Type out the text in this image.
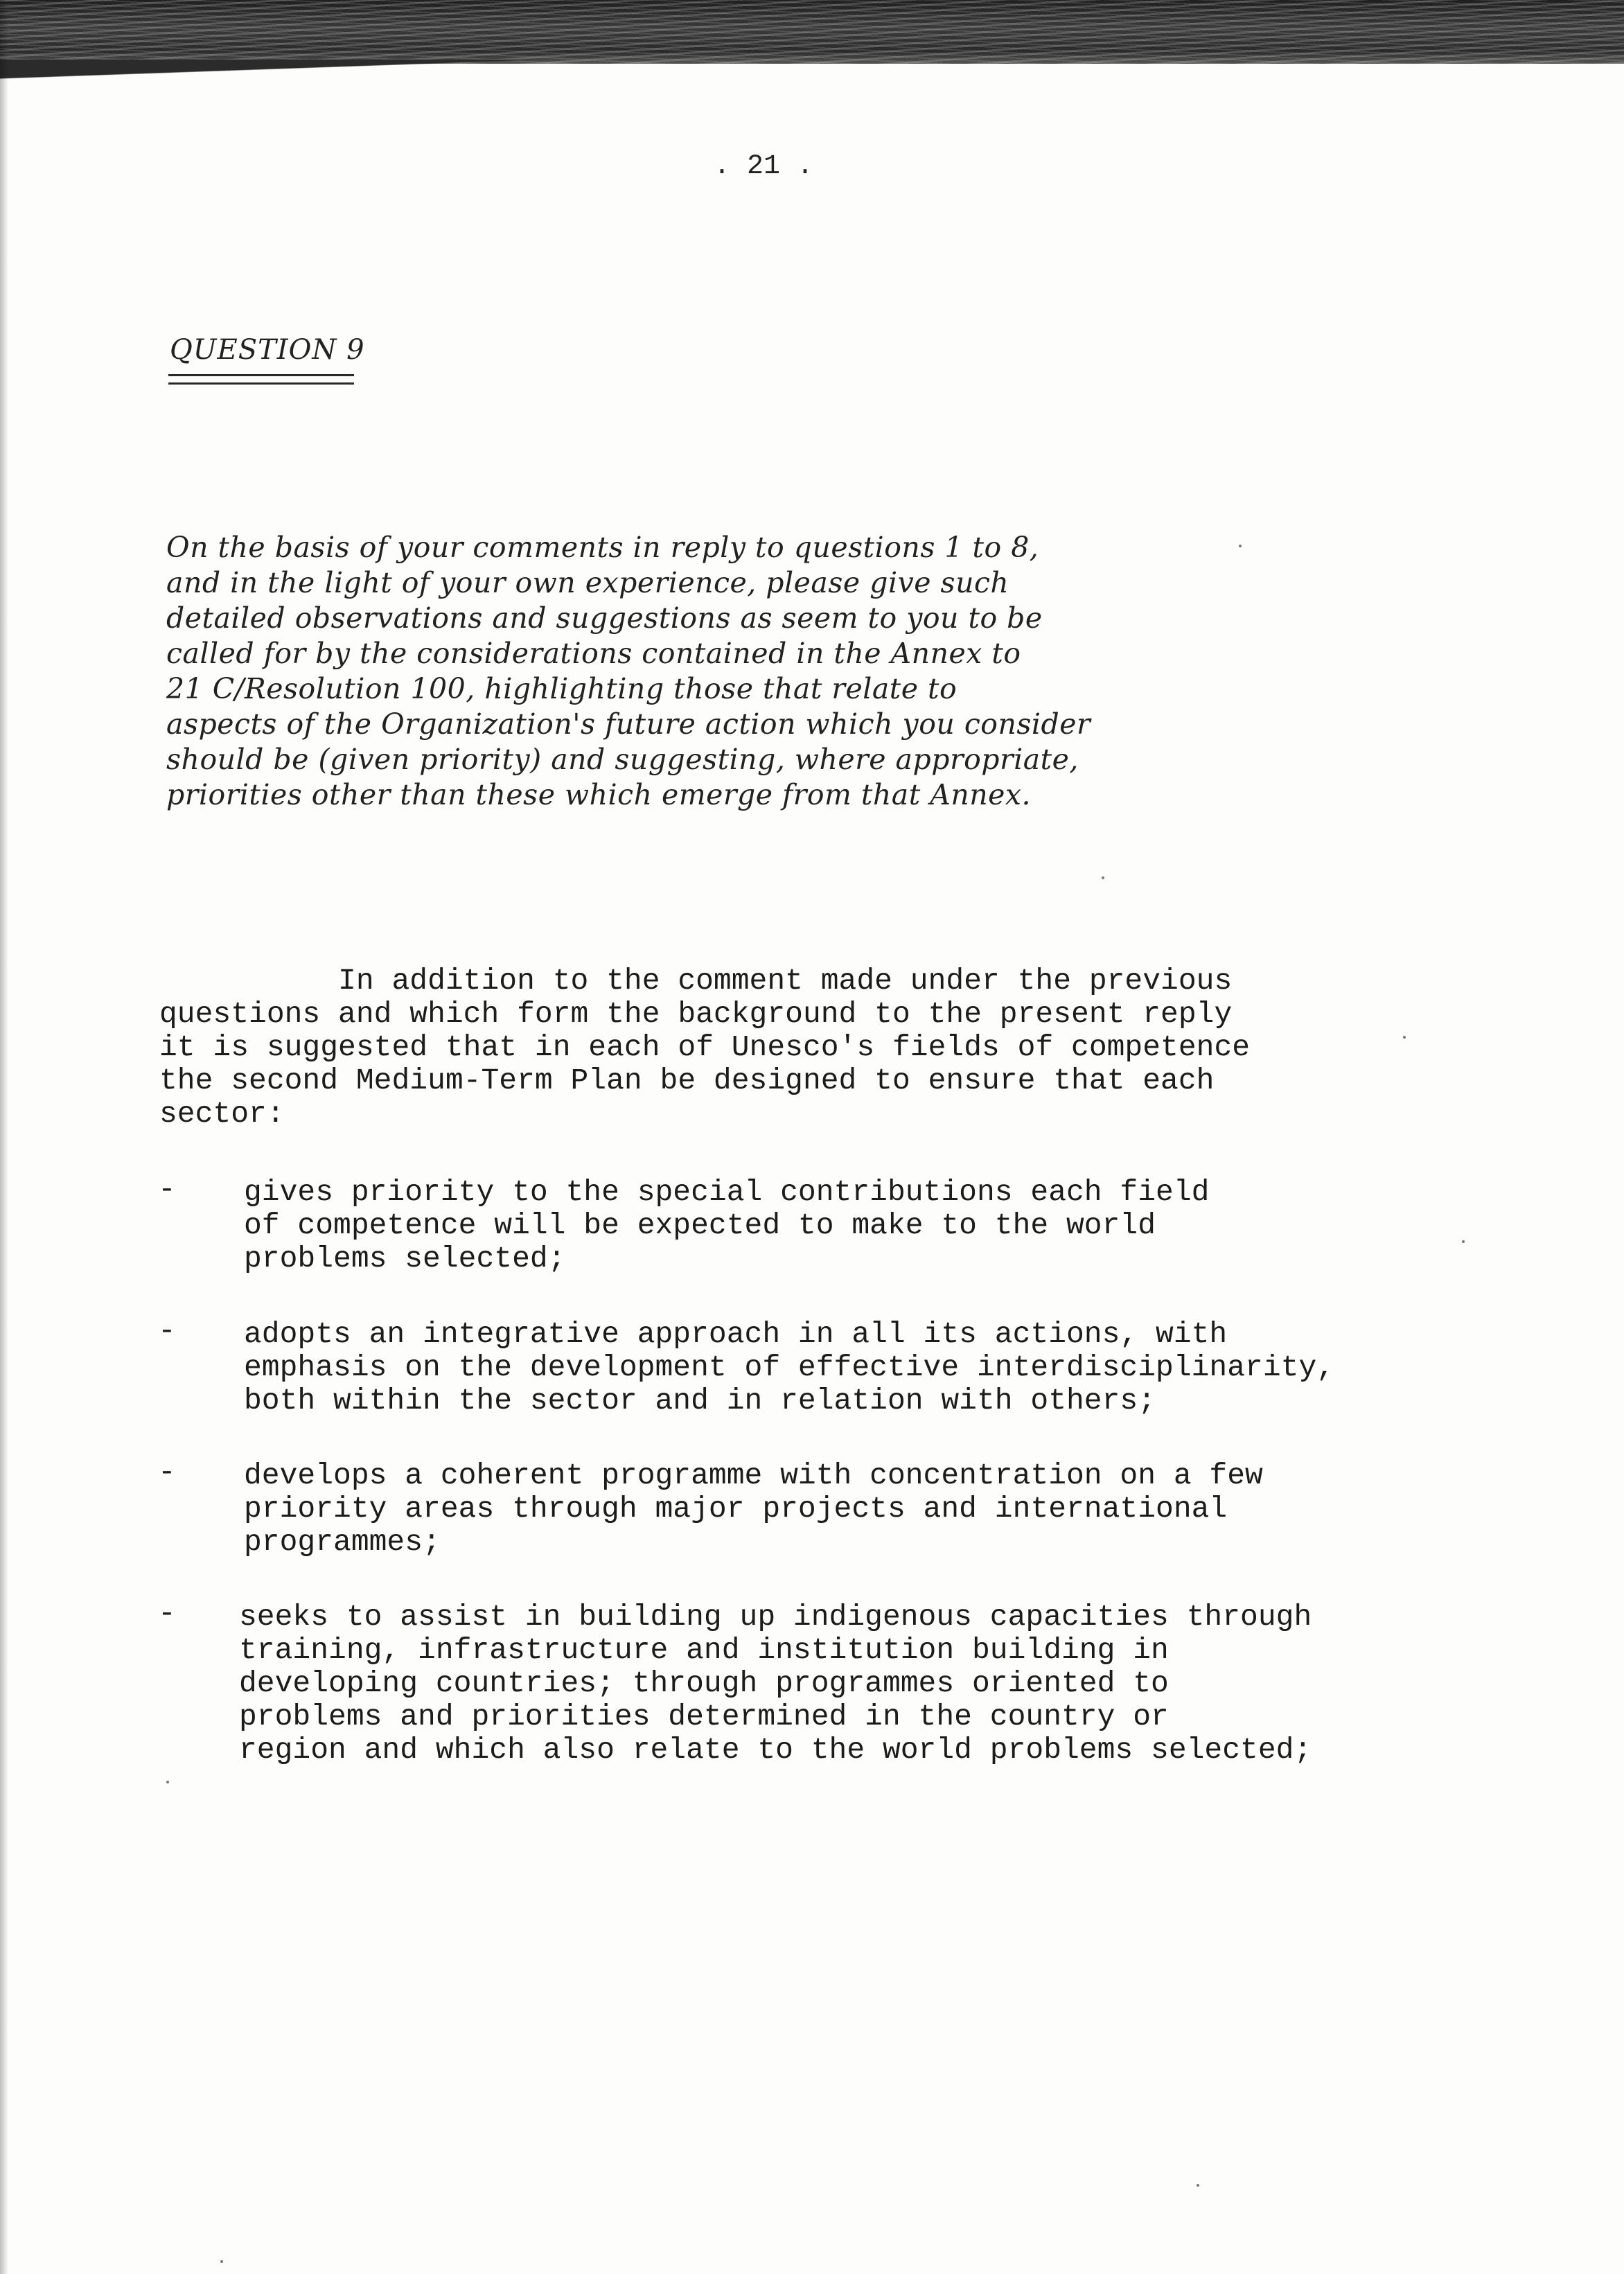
. 21 .
QUESTION 9
On the basis of your comments in reply to questions 1 to 8,
and in the light of your own experience, please give such
detailed observations and suggestions as seem to you to be
called for by the considerations contained in the Annex to
21 C/Resolution 100, highlighting those that relate to
aspects of the Organization's future action which you consider
should be (given priority) and suggesting, where appropriate,
priorities other than these which emerge from that Annex.
In addition to the comment made under the previous
questions and which form the background to the present reply
it is suggested that in each of Unesco's fields of competence
the second Medium-Term Plan be designed to ensure that each
sector:
- gives priority to the special contributions each field
of competence will be expected to make to the world
problems selected;
- adopts an integrative approach in all its actions, with
emphasis on the development of effective interdisciplinarity,
both within the sector and in relation with others;
- develops a coherent programme with concentration on a few
priority areas through major projects and international
programmes;
- seeks to assist in building up indigenous capacities through
training, infrastructure and institution building in
developing countries; through programmes oriented to
problems and priorities determined in the country or
region and which also relate to the world problems selected;
